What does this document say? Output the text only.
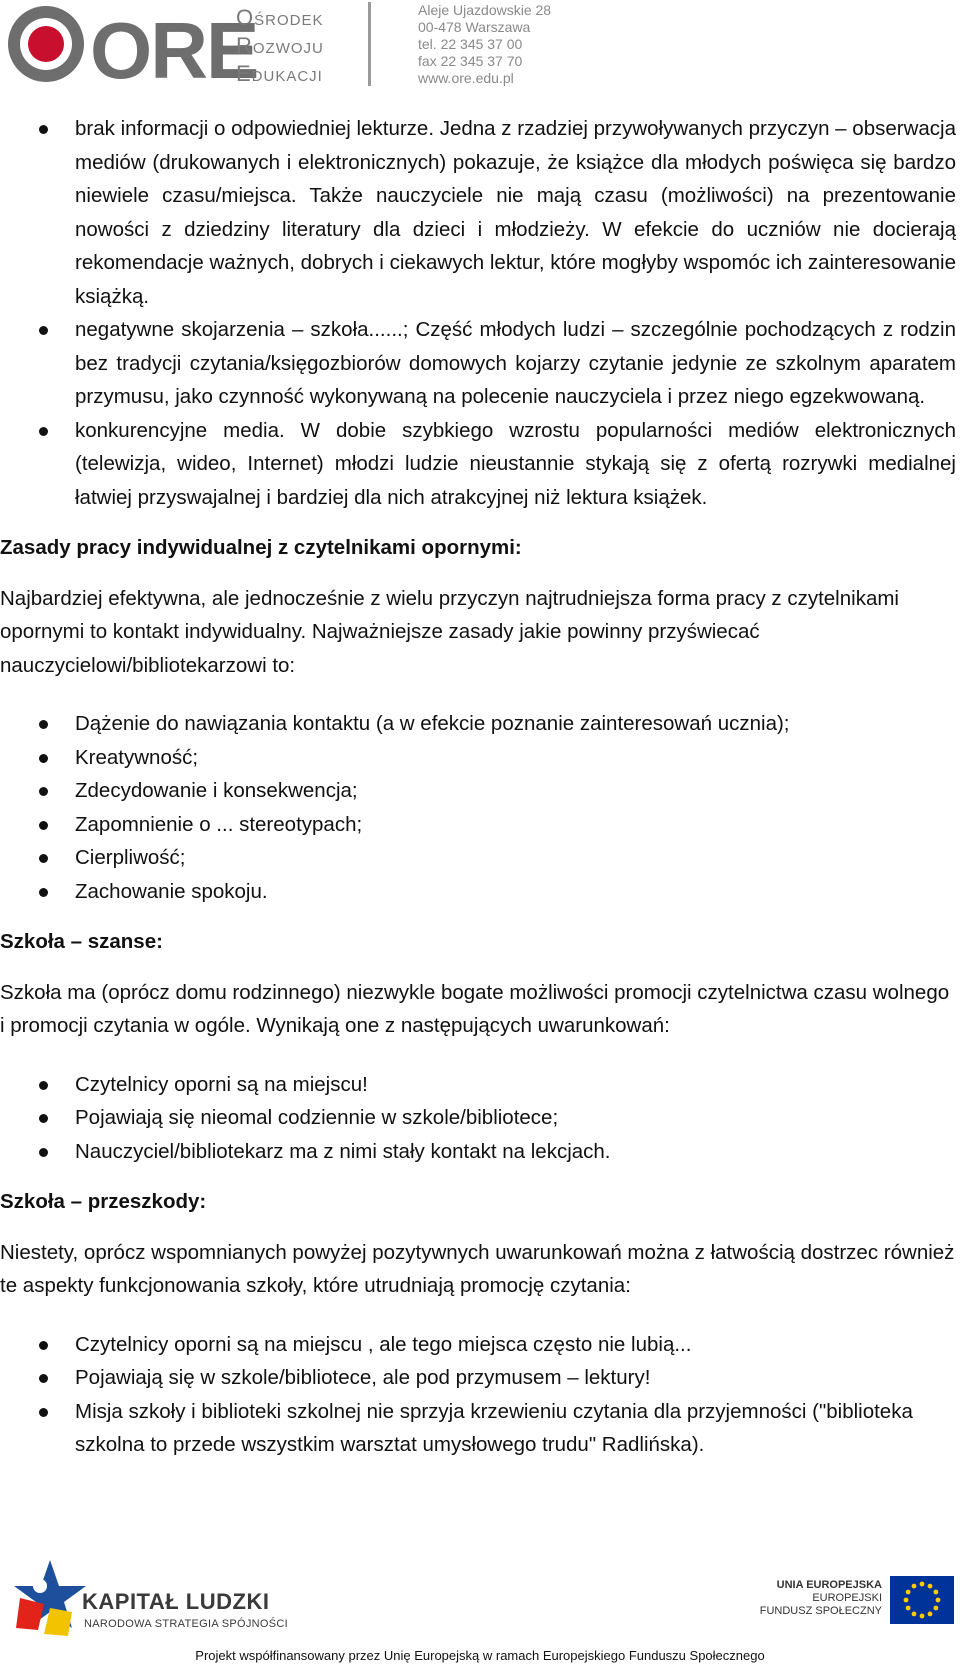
ORE
Ośrodek
Rozwoju
Edukacji
Aleje Ujazdowskie 28
00-478 Warszawa
tel. 22 345 37 00
fax 22 345 37 70
www.ore.edu.pl
brak informacji o odpowiedniej lekturze. Jedna z rzadziej przywoływanych przyczyn – obserwacja mediów (drukowanych i elektronicznych) pokazuje, że książce dla młodych poświęca się bardzo niewiele czasu/miejsca. Także nauczyciele nie mają czasu (możliwości) na prezentowanie nowości z dziedziny literatury dla dzieci i młodzieży. W efekcie do uczniów nie docierają rekomendacje ważnych, dobrych i ciekawych lektur, które mogłyby wspomóc ich zainteresowanie książką.
negatywne skojarzenia – szkoła......; Część młodych ludzi – szczególnie pochodzących z rodzin bez tradycji czytania/księgozbiorów domowych kojarzy czytanie jedynie ze szkolnym aparatem przymusu, jako czynność wykonywaną na polecenie nauczyciela i przez niego egzekwowaną.
konkurencyjne media. W dobie szybkiego wzrostu popularności mediów elektronicznych (telewizja, wideo, Internet) młodzi ludzie nieustannie stykają się z ofertą rozrywki medialnej łatwiej przyswajalnej i bardziej dla nich atrakcyjnej niż lektura książek.

Zasady pracy indywidualnej z czytelnikami opornymi:

Najbardziej efektywna, ale jednocześnie z wielu przyczyn najtrudniejsza forma pracy z czytelnikami opornymi to kontakt indywidualny. Najważniejsze zasady jakie powinny przyświecać nauczycielowi/bibliotekarzowi to:

Dążenie do nawiązania kontaktu (a w efekcie poznanie zainteresowań ucznia);
Kreatywność;
Zdecydowanie i konsekwencja;
Zapomnienie o ... stereotypach;
Cierpliwość;
Zachowanie spokoju.

Szkoła – szanse:

Szkoła ma (oprócz domu rodzinnego) niezwykle bogate możliwości promocji czytelnictwa czasu wolnego i promocji czytania w ogóle. Wynikają one z następujących uwarunkowań:

Czytelnicy oporni są na miejscu!
Pojawiają się nieomal codziennie w szkole/bibliotece;
Nauczyciel/bibliotekarz ma z nimi stały kontakt na lekcjach.

Szkoła – przeszkody:

Niestety, oprócz wspomnianych powyżej pozytywnych uwarunkowań można z łatwością dostrzec również te aspekty funkcjonowania szkoły, które utrudniają promocję czytania:

Czytelnicy oporni są na miejscu , ale tego miejsca często nie lubią...
Pojawiają się w szkole/bibliotece, ale pod przymusem – lektury!
Misja szkoły i biblioteki szkolnej nie sprzyja krzewieniu czytania dla przyjemności ("biblioteka szkolna to przede wszystkim warsztat umysłowego trudu" Radlińska).
KAPITAŁ LUDZKI
NARODOWA STRATEGIA SPÓJNOŚCI
UNIA EUROPEJSKA
EUROPEJSKI
FUNDUSZ SPOŁECZNY
Projekt współfinansowany przez Unię Europejską w ramach Europejskiego Funduszu Społecznego
